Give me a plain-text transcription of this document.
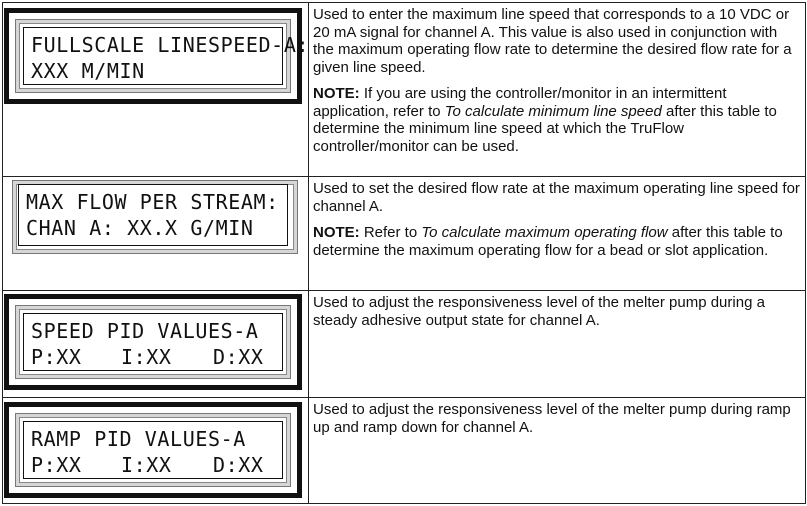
FULLSCALE LINESPEED-A:
XXX M/MIN

Used to enter the maximum line speed that corresponds to a 10 VDC or 20 mA signal for channel A. This value is also used in conjunction with the maximum operating flow rate to determine the desired flow rate for a given line speed.

NOTE: If you are using the controller/monitor in an intermittent application, refer to To calculate minimum line speed after this table to determine the minimum line speed at which the TruFlow controller/monitor can be used.

MAX FLOW PER STREAM:
CHAN A: XX.X G/MIN

Used to set the desired flow rate at the maximum operating line speed for channel A.

NOTE: Refer to To calculate maximum operating flow after this table to determine the maximum operating flow for a bead or slot application.

SPEED PID VALUES-A
P:XX I:XX D:XX

Used to adjust the responsiveness level of the melter pump during a steady adhesive output state for channel A.

RAMP PID VALUES-A
P:XX I:XX D:XX

Used to adjust the responsiveness level of the melter pump during ramp up and ramp down for channel A.
